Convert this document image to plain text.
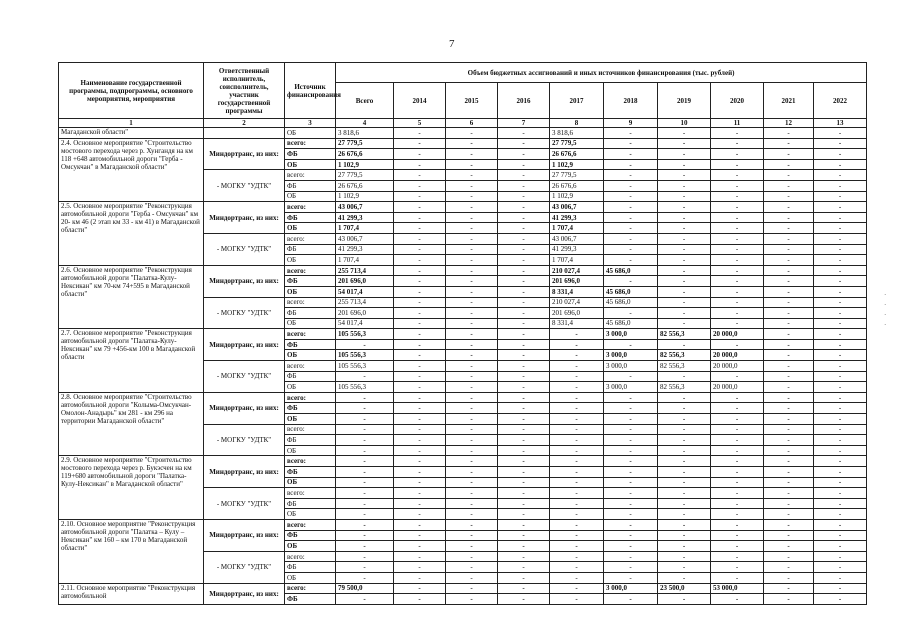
7
Наименование государственной программы, подпрограммы, основного мероприятия, мероприятия	Ответственный исполнитель, соисполнитель, участник государственной программы	Источник финансирования	Объем бюджетных ассигнований и иных источников финансирования (тыс. рублей)									
			Всего	2014	2015	2016	2017	2018	2019	2020	2021	2022
1	2	3	4	5	6	7	8	9	10	11	12	13
Магаданской области"		ОБ	3 818,6	-	-	-	3 818,6	-	-	-	-	-
2.4. Основное мероприятие "Строительство мостового перехода через р. Хунгандя на км 118 +648 автомобильной дороги "Герба - Омсукчан" в Магаданской области"	Миндортранс, из них:	всего:	27 779,5	-	-	-	27 779,5	-	-	-	-	-
		ФБ	26 676,6	-	-	-	26 676,6	-	-	-	-	-
		ОБ	1 102,9	-	-	-	1 102,9	-	-	-	-	-
	- МОГКУ "УДТК"	всего:	27 779,5	-	-	-	27 779,5	-	-	-	-	-
		ФБ	26 676,6	-	-	-	26 676,6	-	-	-	-	-
		ОБ	1 102,9	-	-	-	1 102,9	-	-	-	-	-
2.5. Основное мероприятие "Реконструкция автомобильной дороги "Герба - Омсукчан" км 20- км 46 (2 этап км 33 - км 41) в Магаданской области"	Миндортранс, из них:	всего:	43 006,7	-	-	-	43 006,7	-	-	-	-	-
		ФБ	41 299,3	-	-	-	41 299,3	-	-	-	-	-
		ОБ	1 707,4	-	-	-	1 707,4	-	-	-	-	-
	- МОГКУ "УДТК"	всего:	43 006,7	-	-	-	43 006,7	-	-	-	-	-
		ФБ	41 299,3	-	-	-	41 299,3	-	-	-	-	-
		ОБ	1 707,4	-	-	-	1 707,4	-	-	-	-	-
2.6. Основное мероприятие "Реконструкция автомобильной дороги "Палатка-Кулу-Нексикан" км 70-км 74+595 в Магаданской области"	Миндортранс, из них:	всего:	255 713,4	-	-	-	210 027,4	45 686,0	-	-	-	-
		ФБ	201 696,0	-	-	-	201 696,0	-	-	-	-	-
		ОБ	54 017,4	-	-	-	8 331,4	45 686,0	-	-	-	-
	- МОГКУ "УДТК"	всего:	255 713,4	-	-	-	210 027,4	45 686,0	-	-	-	-
		ФБ	201 696,0	-	-	-	201 696,0	-	-	-	-	-
		ОБ	54 017,4	-	-	-	8 331,4	45 686,0	-	-	-	-
2.7. Основное мероприятие "Реконструкция автомобильной дороги "Палатка-Кулу-Нексикан" км 79 +456-км 100 в Магаданской области	Миндортранс, из них:	всего:	105 556,3	-	-	-	-	3 000,0	82 556,3	20 000,0	-	-
		ФБ	-	-	-	-	-	-	-	-	-	-
		ОБ	105 556,3	-	-	-	-	3 000,0	82 556,3	20 000,0	-	-
	- МОГКУ "УДТК"	всего:	105 556,3	-	-	-	-	3 000,0	82 556,3	20 000,0	-	-
		ФБ	-	-	-	-	-	-	-	-	-	-
		ОБ	105 556,3	-	-	-	-	3 000,0	82 556,3	20 000,0	-	-
2.8. Основное мероприятие "Строительство автомобильной дороги "Колыма-Омсукчан-Омолон-Анадырь" км 281 - км 296 на территории Магаданской области"	Миндортранс, из них:	всего:	-	-	-	-	-	-	-	-	-	-
		ФБ	-	-	-	-	-	-	-	-	-	-
		ОБ	-	-	-	-	-	-	-	-	-	-
	- МОГКУ "УДТК"	всего:	-	-	-	-	-	-	-	-	-	-
		ФБ	-	-	-	-	-	-	-	-	-	-
		ОБ	-	-	-	-	-	-	-	-	-	-
2.9. Основное мероприятие "Строительство мостового перехода через р. Букэсчен на км 119+680 автомобильной дороги "Палатка-Кулу-Нексикан" в Магаданской области"	Миндортранс, из них:	всего:	-	-	-	-	-	-	-	-	-	-
		ФБ	-	-	-	-	-	-	-	-	-	-
		ОБ	-	-	-	-	-	-	-	-	-	-
	- МОГКУ "УДТК"	всего:	-	-	-	-	-	-	-	-	-	-
		ФБ	-	-	-	-	-	-	-	-	-	-
		ОБ	-	-	-	-	-	-	-	-	-	-
2.10. Основное мероприятие "Реконструкция автомобильной дороги "Палатка – Кулу – Нексикан" км 160 – км 170 в Магаданской области"	Миндортранс, из них:	всего:	-	-	-	-	-	-	-	-	-	-
		ФБ	-	-	-	-	-	-	-	-	-	-
		ОБ	-	-	-	-	-	-	-	-	-	-
	- МОГКУ "УДТК"	всего:	-	-	-	-	-	-	-	-	-	-
		ФБ	-	-	-	-	-	-	-	-	-	-
		ОБ	-	-	-	-	-	-	-	-	-	-
2.11. Основное мероприятие "Реконструкция автомобильной	Миндортранс, из них:	всего:	79 500,0	-	-	-	-	3 000,0	23 500,0	53 000,0	-	-
		ФБ	-	-	-	-	-	-	-	-	-	-
·
·
·
·
